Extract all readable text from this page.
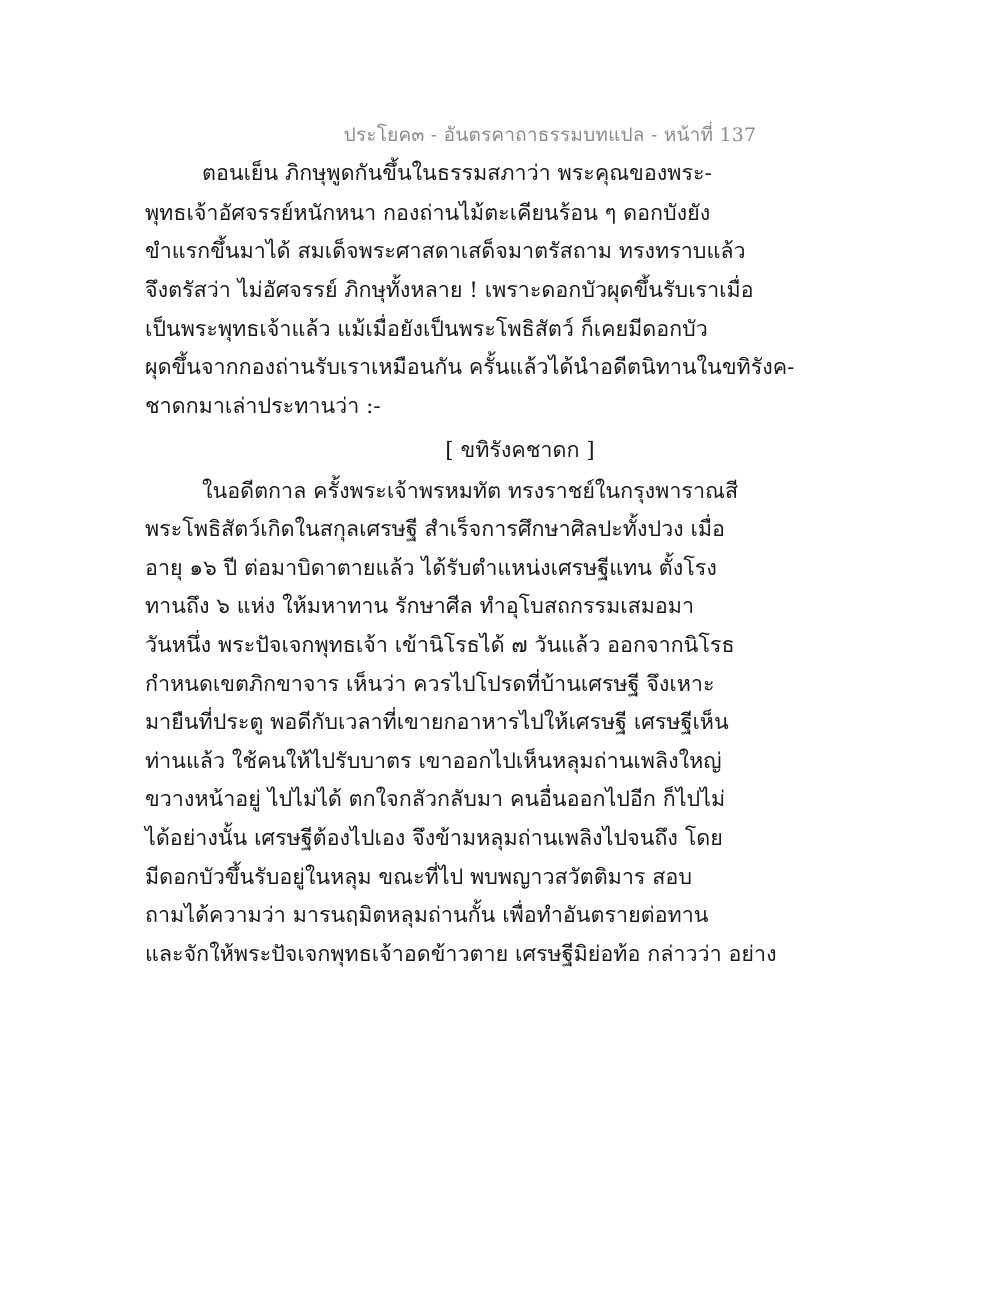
ประโยค๓ - อันตรคาถาธรรมบทแปล - หน้าที่ 137
ตอนเย็น ภิกษุพูดกันขึ้นในธรรมสภาว่า พระคุณของพระ-
พุทธเจ้าอัศจรรย์หนักหนา กองถ่านไม้ตะเคียนร้อน ๆ ดอกบังยัง
ขำแรกขึ้นมาได้ สมเด็จพระศาสดาเสด็จมาตรัสถาม ทรงทราบแล้ว
จึงตรัสว่า ไม่อัศจรรย์ ภิกษุทั้งหลาย ! เพราะดอกบัวผุดขึ้นรับเราเมื่อ
เป็นพระพุทธเจ้าแล้ว แม้เมื่อยังเป็นพระโพธิสัตว์ ก็เคยมีดอกบัว
ผุดขึ้นจากกองถ่านรับเราเหมือนกัน ครั้นแล้วได้นำอดีตนิทานในขทิรังค-
ชาดกมาเล่าประทานว่า :-
[ ขทิรังคชาดก ]
ในอดีตกาล ครั้งพระเจ้าพรหมทัต ทรงราชย์ในกรุงพาราณสี
พระโพธิสัตว์เกิดในสกุลเศรษฐี สำเร็จการศึกษาศิลปะทั้งปวง เมื่อ
อายุ ๑๖ ปี ต่อมาบิดาตายแล้ว ได้รับตำแหน่งเศรษฐีแทน ตั้งโรง
ทานถึง ๖ แห่ง ให้มหาทาน รักษาศีล ทำอุโบสถกรรมเสมอมา
วันหนึ่ง พระปัจเจกพุทธเจ้า เข้านิโรธได้ ๗ วันแล้ว ออกจากนิโรธ
กำหนดเขตภิกขาจาร เห็นว่า ควรไปโปรดที่บ้านเศรษฐี จึงเหาะ
มายืนที่ประตู พอดีกับเวลาที่เขายกอาหารไปให้เศรษฐี เศรษฐีเห็น
ท่านแล้ว ใช้คนให้ไปรับบาตร เขาออกไปเห็นหลุมถ่านเพลิงใหญ่
ขวางหน้าอยู่ ไปไม่ได้ ตกใจกลัวกลับมา คนอื่นออกไปอีก ก็ไปไม่
ได้อย่างนั้น เศรษฐีต้องไปเอง จึงข้ามหลุมถ่านเพลิงไปจนถึง โดย
มีดอกบัวขึ้นรับอยู่ในหลุม ขณะที่ไป พบพญาวสวัตติมาร สอบ
ถามได้ความว่า มารนฤมิตหลุมถ่านกั้น เพื่อทำอันตรายต่อทาน
และจักให้พระปัจเจกพุทธเจ้าอดข้าวตาย เศรษฐีมิย่อท้อ กล่าวว่า อย่าง
